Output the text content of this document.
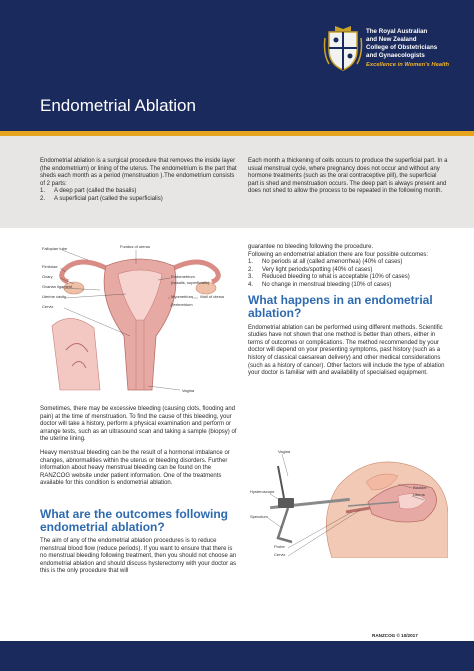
The Royal Australian
and New Zealand
College of Obstetricians
and Gynaecologists
Excellence in Women's Health
Endometrial Ablation
Endometrial ablation is a surgical procedure that removes the inside layer (the endometrium) or lining of the uterus. The endometrium is the part that sheds each month as a period (menstruation ).The endometrium consists of 2 parts:
1.	A deep part (called the basalis)
2.	A superficial part (called the superficialis)
Each month a thickening of cells occurs to produce the superficial part. In a usual menstrual cycle, where pregnancy does not occur and without any hormone treatments (such as the oral contraceptive pill), the superficial part is shed and menstruation occurs. The deep part is always present and does not shed to allow the process to be repeated in the following month.
Fallopian tube	Fundus of uterus
Fimbriae
Ovary
Ovarian ligament
Uterine cavity
Cervix
Endometrium
(basalis, superficialis)
Myometrium
Perimetrium
Wall of uterus
Vagina
Sometimes, there may be excessive bleeding (causing clots, flooding and pain) at the time of menstruation. To find the cause of this bleeding, your doctor will take a history, perform a physical examination and perform or arrange tests, such as an ultrasound scan and taking a sample (biopsy) of the uterine lining.
Heavy menstrual bleeding can be the result of a hormonal imbalance or changes, abnormalities within the uterus or bleeding disorders. Further information about heavy menstrual bleeding can be found on the RANZCOG website under patient information. One of the treatments available for this condition is endometrial ablation.
What are the outcomes following endometrial ablation?
The aim of any of the endometrial ablation procedures is to reduce menstrual blood flow (reduce periods). If you want to ensure that there is no menstrual bleeding following treatment, then you should not choose an endometrial ablation and should discuss hysterectomy with your doctor as this is the only procedure that will
guarantee no bleeding following the procedure.
Following an endometrial ablation there are four possible outcomes:
1.	No periods at all (called amenorrhea) (40% of cases)
2.	Very light periods/spotting (40% of cases)
3.	Reduced bleeding to what is acceptable (10% of cases)
4.	No change in menstrual bleeding (10% of cases)
What happens in an endometrial ablation?
Endometrial ablation can be performed using different methods. Scientific studies have not shown that one method is better than others, either in terms of outcomes or complications. The method recommended by your doctor will depend on your presenting symptoms, past history (such as a history of classical caesarean delivery) and other medical considerations (such as a history of cancer). Other factors will include the type of ablation your doctor is familiar with and availability of specialised equipment.
Vagina
Hysteroscope
Speculum
Probe
Cervix
Bladder
Uterus
RANZCOG © 10/2017
